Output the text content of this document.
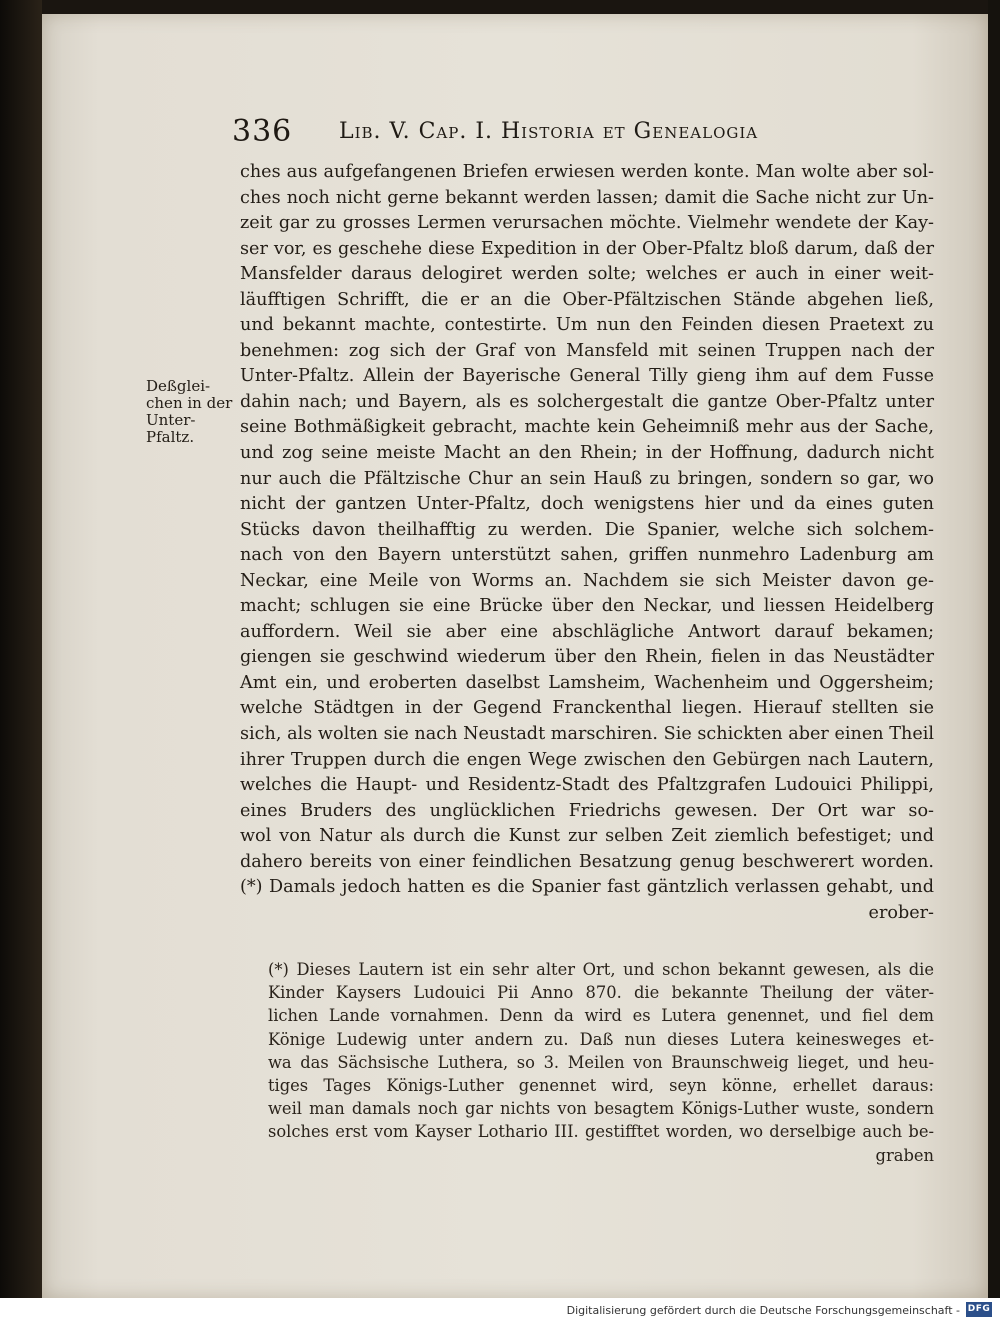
336 Lib. V. Cap. I. Historia et Genealogia
Deßglei-
chen in der
Unter-
Pfaltz.
ches aus aufgefangenen Briefen erwiesen werden konte. Man wolte aber sol-
ches noch nicht gerne bekannt werden lassen; damit die Sache nicht zur Un-
zeit gar zu grosses Lermen verursachen möchte. Vielmehr wendete der Kay-
ser vor, es geschehe diese Expedition in der Ober-Pfaltz bloß darum, daß der
Mansfelder daraus delogiret werden solte; welches er auch in einer weit-
läufftigen Schrifft, die er an die Ober-Pfältzischen Stände abgehen ließ,
und bekannt machte, contestirte. Um nun den Feinden diesen Praetext zu
benehmen: zog sich der Graf von Mansfeld mit seinen Truppen nach der
Unter-Pfaltz. Allein der Bayerische General Tilly gieng ihm auf dem Fusse
dahin nach; und Bayern, als es solchergestalt die gantze Ober-Pfaltz unter
seine Bothmäßigkeit gebracht, machte kein Geheimniß mehr aus der Sache,
und zog seine meiste Macht an den Rhein; in der Hoffnung, dadurch nicht
nur auch die Pfältzische Chur an sein Hauß zu bringen, sondern so gar, wo
nicht der gantzen Unter-Pfaltz, doch wenigstens hier und da eines guten
Stücks davon theilhafftig zu werden. Die Spanier, welche sich solchem-
nach von den Bayern unterstützt sahen, griffen nunmehro Ladenburg am
Neckar, eine Meile von Worms an. Nachdem sie sich Meister davon ge-
macht; schlugen sie eine Brücke über den Neckar, und liessen Heidelberg
auffordern. Weil sie aber eine abschlägliche Antwort darauf bekamen;
giengen sie geschwind wiederum über den Rhein, fielen in das Neustädter
Amt ein, und eroberten daselbst Lamsheim, Wachenheim und Oggersheim;
welche Städtgen in der Gegend Franckenthal liegen. Hierauf stellten sie
sich, als wolten sie nach Neustadt marschiren. Sie schickten aber einen Theil
ihrer Truppen durch die engen Wege zwischen den Gebürgen nach Lautern,
welches die Haupt- und Residentz-Stadt des Pfaltzgrafen Ludouici Philippi,
eines Bruders des unglücklichen Friedrichs gewesen. Der Ort war so-
wol von Natur als durch die Kunst zur selben Zeit ziemlich befestiget; und
dahero bereits von einer feindlichen Besatzung genug beschwerert worden.
(*) Damals jedoch hatten es die Spanier fast gäntzlich verlassen gehabt, und
erober-
(*) Dieses Lautern ist ein sehr alter Ort, und schon bekannt gewesen, als die
Kinder Kaysers Ludouici Pii Anno 870. die bekannte Theilung der väter-
lichen Lande vornahmen. Denn da wird es Lutera genennet, und fiel dem
Könige Ludewig unter andern zu. Daß nun dieses Lutera keinesweges et-
wa das Sächsische Luthera, so 3. Meilen von Braunschweig lieget, und heu-
tiges Tages Königs-Luther genennet wird, seyn könne, erhellet daraus:
weil man damals noch gar nichts von besagtem Königs-Luther wuste, sondern
solches erst vom Kayser Lothario III. gestifftet worden, wo derselbige auch be-
graben
Digitalisierung gefördert durch die Deutsche Forschungsgemeinschaft - DFG
